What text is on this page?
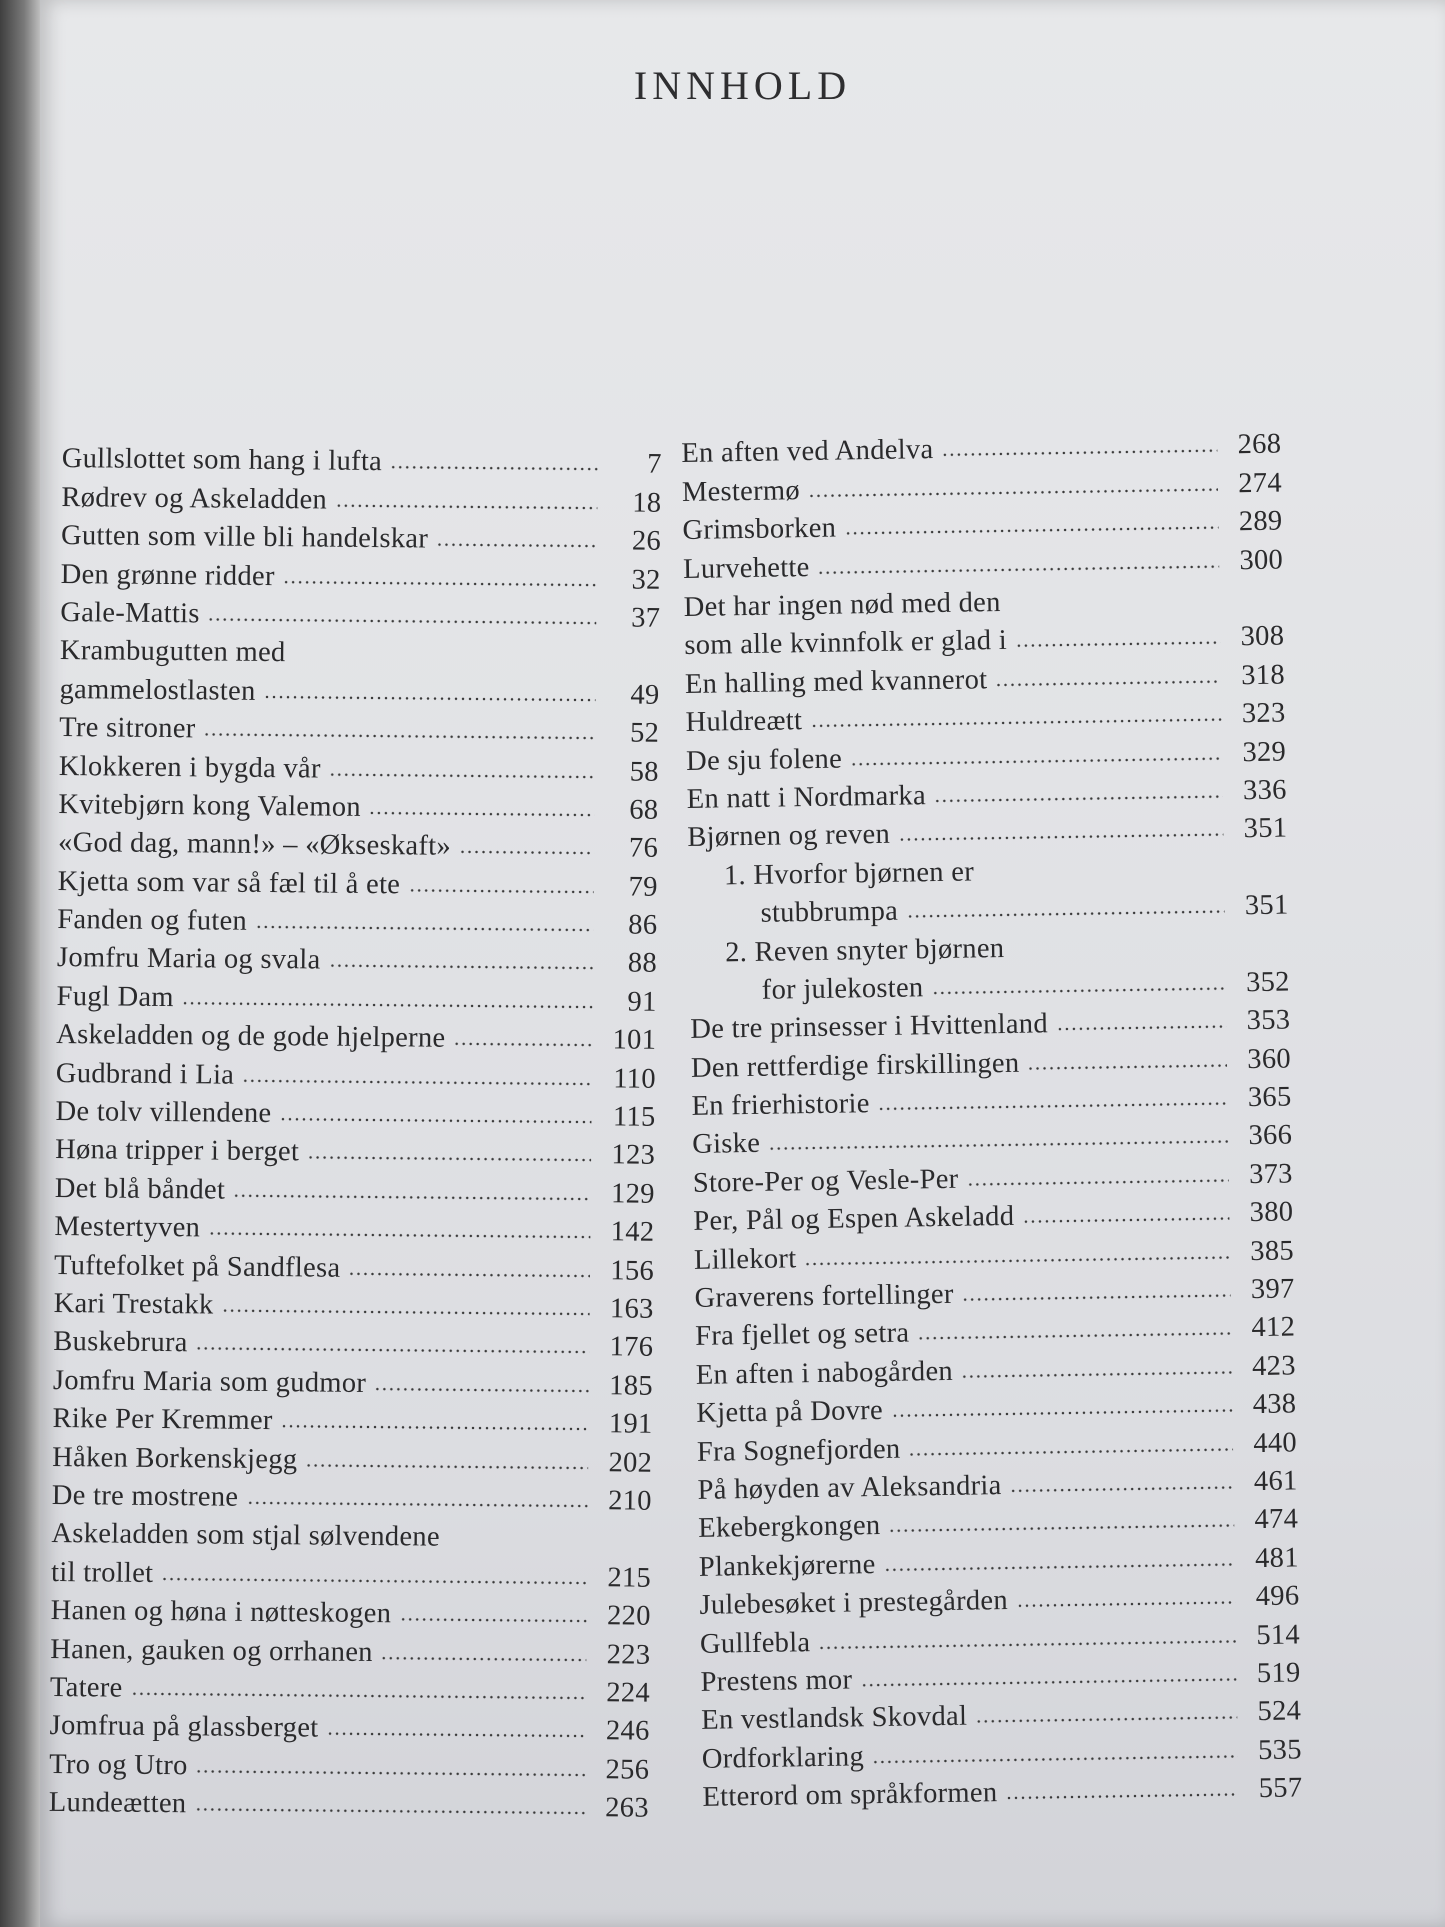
INNHOLD
Gullslottet som hang i lufta	7
Rødrev og Askeladden	18
Gutten som ville bli handelskar	26
Den grønne ridder	32
Gale-Mattis	37
Krambugutten med
gammelostlasten	49
Tre sitroner	52
Klokkeren i bygda vår	58
Kvitebjørn kong Valemon	68
«God dag, mann!» – «Økseskaft»	76
Kjetta som var så fæl til å ete	79
Fanden og futen	86
Jomfru Maria og svala	88
Fugl Dam	91
Askeladden og de gode hjelperne	101
Gudbrand i Lia	110
De tolv villendene	115
Høna tripper i berget	123
Det blå båndet	129
Mestertyven	142
Tuftefolket på Sandflesa	156
Kari Trestakk	163
Buskebrura	176
Jomfru Maria som gudmor	185
Rike Per Kremmer	191
Håken Borkenskjegg	202
De tre mostrene	210
Askeladden som stjal sølvendene
til trollet	215
Hanen og høna i nøtteskogen	220
Hanen, gauken og orrhanen	223
Tatere	224
Jomfrua på glassberget	246
Tro og Utro	256
Lundeætten	263
En aften ved Andelva	268
Mestermø	274
Grimsborken	289
Lurvehette	300
Det har ingen nød med den
som alle kvinnfolk er glad i	308
En halling med kvannerot	318
Huldreætt	323
De sju folene	329
En natt i Nordmarka	336
Bjørnen og reven	351
1. Hvorfor bjørnen er
stubbrumpa	351
2. Reven snyter bjørnen
for julekosten	352
De tre prinsesser i Hvittenland	353
Den rettferdige firskillingen	360
En frierhistorie	365
Giske	366
Store-Per og Vesle-Per	373
Per, Pål og Espen Askeladd	380
Lillekort	385
Graverens fortellinger	397
Fra fjellet og setra	412
En aften i nabogården	423
Kjetta på Dovre	438
Fra Sognefjorden	440
På høyden av Aleksandria	461
Ekebergkongen	474
Plankekjørerne	481
Julebesøket i prestegården	496
Gullfebla	514
Prestens mor	519
En vestlandsk Skovdal	524
Ordforklaring	535
Etterord om språkformen	557
